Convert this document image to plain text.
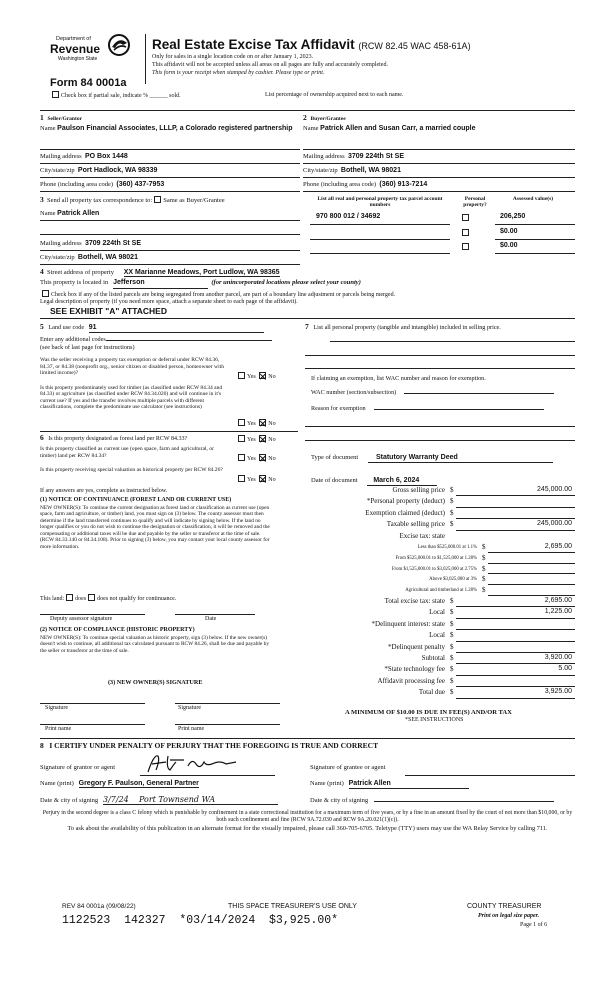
Department of
Revenue
Washington State
Real Estate Excise Tax Affidavit (RCW 82.45 WAC 458-61A)
Only for sales in a single location code on or after January 1, 2023.
This affidavit will not be accepted unless all areas on all pages are fully and accurately completed.
This form is your receipt when stamped by cashier. Please type or print.
Form 84 0001a
Check box if partial sale, indicate % ______ sold.	List percentage of ownership acquired next to each name.
1 Seller/Grantor
Name Paulson Financial Associates, LLLP, a Colorado registered partnership
Mailing address PO Box 1448
City/state/zip Port Hadlock, WA 98339
Phone (including area code) (360) 437-7953
2 Buyer/Grantee
Name Patrick Allen and Susan Carr, a married couple
Mailing address 3709 224th St SE
City/state/zip Bothell, WA 98021
Phone (including area code) (360) 913-7214
3 Send all property tax correspondence to: Same as Buyer/Grantee
Name Patrick Allen
Mailing address 3709 224th St SE
City/state/zip Bothell, WA 98021
List all real and personal property tax parcel account numbers
Personal property?
Assessed value(s)
970 800 012 / 34692	206,250
$0.00
$0.00
4 Street address of property XX Marianne Meadows, Port Ludlow, WA 98365
This property is located in Jefferson	(for unincorporated locations please select your county)
Check box if any of the listed parcels are being segregated from another parcel, are part of a boundary line adjustment or parcels being merged.
Legal description of property (if you need more space, attach a separate sheet to each page of the affidavit).
SEE EXHIBIT "A" ATTACHED
5 Land use code 91
Enter any additional codes
(see back of last page for instructions)
Was the seller receiving a property tax exemption or deferral under RCW 84.36, 84.37, or 84.38 (nonprofit org., senior citizen or disabled person, homeowner with limited income)?
Yes No
Is this property predominately used for timber (as classified under RCW 84.34 and 84.33) or agriculture (as classified under RCW 84.34.020) and will continue in it's current use? If yes and the transfer involves multiple parcels with different classifications, complete the predominate use calculator (see instructions)
Yes No
6 Is this property designated as forest land per RCW 84.33?	Yes No
Is this property classified as current use (open space, farm and agricultural, or timber) land per RCW 84.34?
Yes No
Is this property receiving special valuation as historical property per RCW 84.26?
Yes No
If any answers are yes, complete as instructed below.
(1) NOTICE OF CONTINUANCE (FOREST LAND OR CURRENT USE)
NEW OWNER(S): To continue the current designation as forest land or classification as current use (open space, farm and agriculture, or timber) land, you must sign on (3) below. The county assessor must then determine if the land transferred continues to qualify and will indicate by signing below. If the land no longer qualifies or you do not wish to continue the designation or classification, it will be removed and the compensating or additional taxes will be due and payable by the seller or transferor at the time of sale. (RCW 84.33.140 or 84.34.108). Prior to signing (3) below, you may contact your local county assessor for more information.
This land: does does not qualify for continuance.
Deputy assessor signature	Date
(2) NOTICE OF COMPLIANCE (HISTORIC PROPERTY)
NEW OWNER(S): To continue special valuation as historic property, sign (3) below. If the new owner(s) doesn't wish to continue, all additional tax calculated pursuant to RCW 84.26, shall be due and payable by the seller or transferor at the time of sale.
(3) NEW OWNER(S) SIGNATURE
Signature	Signature
Print name	Print name
7 List all personal property (tangible and intangible) included in selling price.
If claiming an exemption, list WAC number and reason for exemption.
WAC number (section/subsection)
Reason for exemption
Type of document	Statutory Warranty Deed
Date of document March 6, 2024
Gross selling price $	245,000.00
*Personal property (deduct) $
Exemption claimed (deduct) $
Taxable selling price $	245,000.00
Excise tax: state
Less than $525,000.01 at 1.1% $	2,695.00
From $525,000.01 to $1,525,000 at 1.28% $
From $1,525,000.01 to $3,025,000 at 2.75% $
Above $3,025,000 at 3% $
Agricultural and timberland at 1.28% $
Total excise tax: state $	2,695.00
Local $	1,225.00
*Delinquent interest: state $
Local $
*Delinquent penalty $
Subtotal $	3,920.00
*State technology fee $	5.00
Affidavit processing fee $
Total due $	3,925.00
A MINIMUM OF $10.00 IS DUE IN FEE(S) AND/OR TAX
*SEE INSTRUCTIONS
8 I CERTIFY UNDER PENALTY OF PERJURY THAT THE FOREGOING IS TRUE AND CORRECT
Signature of grantor or agent	Signature of grantee or agent
Name (print) Gregory F. Paulson, General Partner	Name (print) Patrick Allen
Date & city of signing 3/7/24 Port Townsend WA	Date & city of signing
Perjury in the second degree is a class C felony which is punishable by confinement in a state correctional institution for a maximum term of five years, or by a fine in an amount fixed by the court of not more than $10,000, or by both such confinement and fine (RCW 9A.72.030 and RCW 9A.20.021(1)(c)).
To ask about the availability of this publication in an alternate format for the visually impaired, please call 360-705-6705. Teletype (TTY) users may use the WA Relay Service by calling 711.
REV 84 0001a (09/08/22)	THIS SPACE TREASURER'S USE ONLY	COUNTY TREASURER
Print on legal size paper.
Page 1 of 6
1122523  142327  *03/14/2024  $3,925.00*
